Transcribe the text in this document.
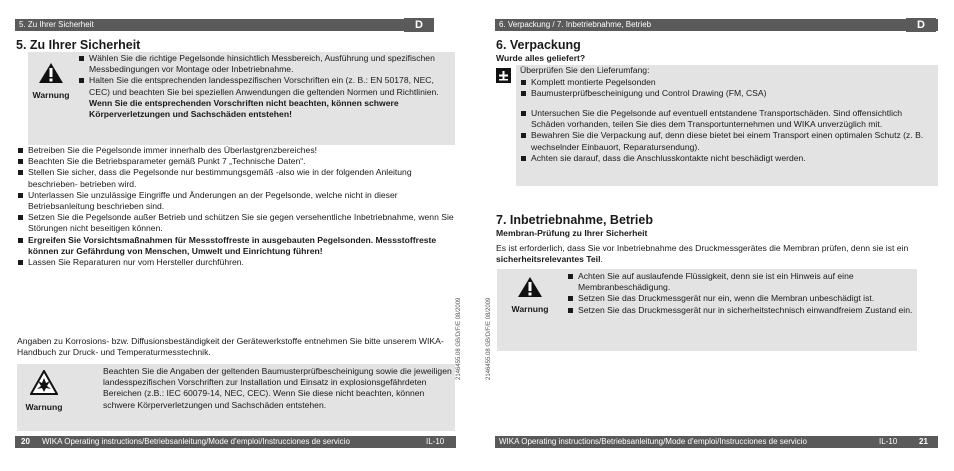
5. Zu Ihrer Sicherheit	D
5. Zu Ihrer Sicherheit
Warnung
Wählen Sie die richtige Pegelsonde hinsichtlich Messbereich, Ausführung und spezifischen Messbedingungen vor Montage oder Inbetriebnahme.
Halten Sie die entsprechenden landesspezifischen Vorschriften ein (z. B.: EN 50178, NEC, CEC) und beachten Sie bei speziellen Anwendungen die geltenden Normen und Richtlinien. Wenn Sie die entsprechenden Vorschriften nicht beachten, können schwere Körperverletzungen und Sachschäden entstehen!
Betreiben Sie die Pegelsonde immer innerhalb des Überlastgrenzbereiches!
Beachten Sie die Betriebsparameter gemäß Punkt 7 „Technische Daten“.
Stellen Sie sicher, dass die Pegelsonde nur bestimmungsgemäß -also wie in der folgenden Anleitung beschrieben- betrieben wird.
Unterlassen Sie unzulässige Eingriffe und Änderungen an der Pegelsonde, welche nicht in dieser Betriebsanleitung beschrieben sind.
Setzen Sie die Pegelsonde außer Betrieb und schützen Sie sie gegen versehentliche Inbetriebnahme, wenn Sie Störungen nicht beseitigen können.
Ergreifen Sie Vorsichtsmaßnahmen für Messstoffreste in ausgebauten Pegelsonden. Messstoffreste können zur Gefährdung von Menschen, Umwelt und Einrichtung führen!
Lassen Sie Reparaturen nur vom Hersteller durchführen.

Angaben zu Korrosions- bzw. Diffusionsbeständigkeit der Gerätewerkstoffe entnehmen Sie bitte unserem WIKA-Handbuch zur Druck- und Temperaturmesstechnik.

Warnung

Beachten Sie die Angaben der geltenden Baumusterprüfbescheinigung sowie die jeweiligen landesspezifischen Vorschriften zur Installation und Einsatz in explosionsgefährdeten Bereichen (z.B.: IEC 60079-14, NEC, CEC). Wenn Sie diese nicht beachten, können schwere Körperverletzungen und Sachschäden entstehen.

20 WIKA Operating instructions/Betriebsanleitung/Mode d'emploi/Instrucciones de servicio	IL-10
2146455.08 GB/D/F/E 08/2009	2146455.08 GB/D/F/E 08/2009
6. Verpackung / 7. Inbetriebnahme, Betrieb	D
6. Verpackung
Wurde alles geliefert?

Überprüfen Sie den Lieferumfang:

Komplett montierte Pegelsonden
Baumusterprüfbescheinigung und Control Drawing (FM, CSA)
Untersuchen Sie die Pegelsonde auf eventuell entstandene Transportschäden. Sind offensichtlich Schäden vorhanden, teilen Sie dies dem Transportunternehmen und WIKA unverzüglich mit.
Bewahren Sie die Verpackung auf, denn diese bietet bei einem Transport einen optimalen Schutz (z. B. wechselnder Einbauort, Reparatursendung).
Achten sie darauf, dass die Anschlusskontakte nicht beschädigt werden.
7. Inbetriebnahme, Betrieb
Membran-Prüfung zu Ihrer Sicherheit

Es ist erforderlich, dass Sie vor Inbetriebnahme des Druckmessgerätes die Membran prüfen, denn sie ist ein sicherheitsrelevantes Teil.

Warnung
Achten Sie auf auslaufende Flüssigkeit, denn sie ist ein Hinweis auf eine Membranbeschädigung.
Setzen Sie das Druckmessgerät nur ein, wenn die Membran unbeschädigt ist.
Setzen Sie das Druckmessgerät nur in sicherheitstechnisch einwandfreiem Zustand ein.
WIKA Operating instructions/Betriebsanleitung/Mode d'emploi/Instrucciones de servicio	IL-10	21
